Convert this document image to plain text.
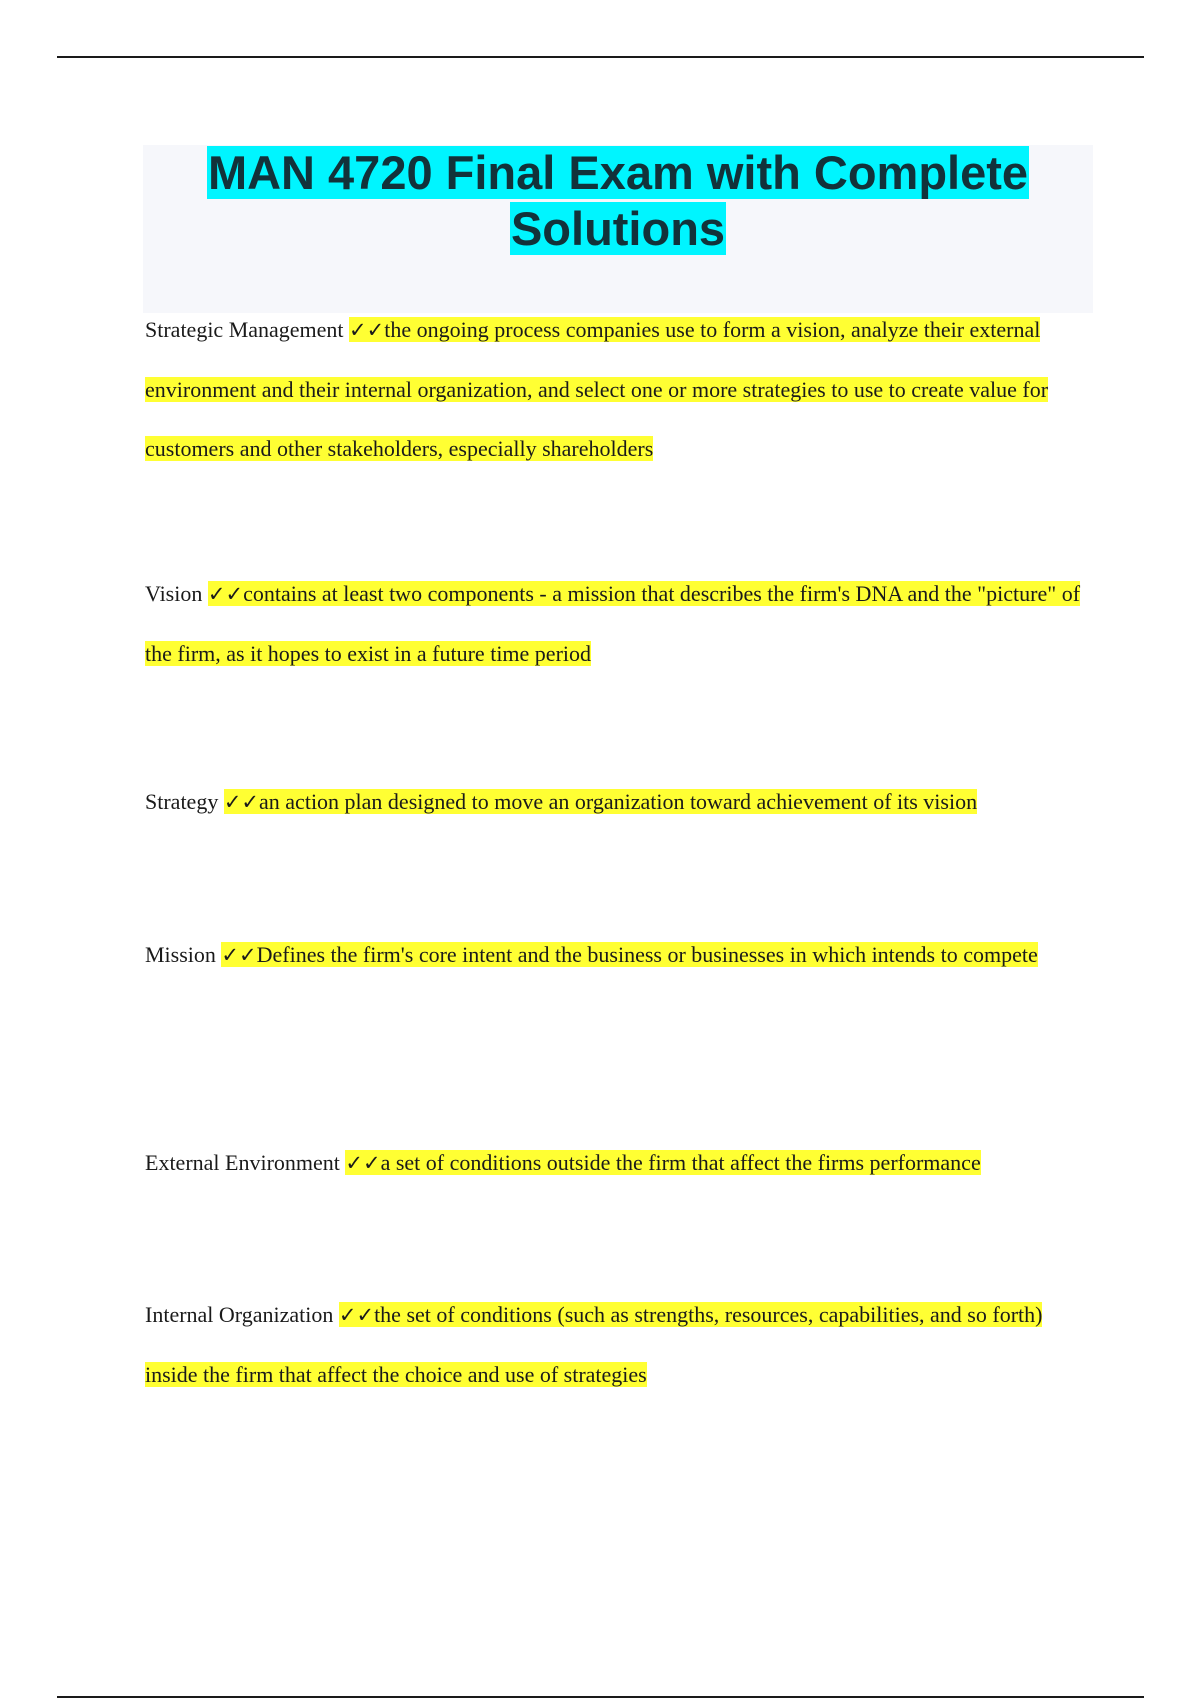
MAN 4720 Final Exam with Complete
Solutions

Strategic Management ✓✓the ongoing process companies use to form a vision, analyze their external environment and their internal organization, and select one or more strategies to use to create value for customers and other stakeholders, especially shareholders

Vision ✓✓contains at least two components - a mission that describes the firm's DNA and the "picture" of the firm, as it hopes to exist in a future time period

Strategy ✓✓an action plan designed to move an organization toward achievement of its vision

Mission ✓✓Defines the firm's core intent and the business or businesses in which intends to compete

External Environment ✓✓a set of conditions outside the firm that affect the firms performance

Internal Organization ✓✓the set of conditions (such as strengths, resources, capabilities, and so forth) inside the firm that affect the choice and use of strategies
